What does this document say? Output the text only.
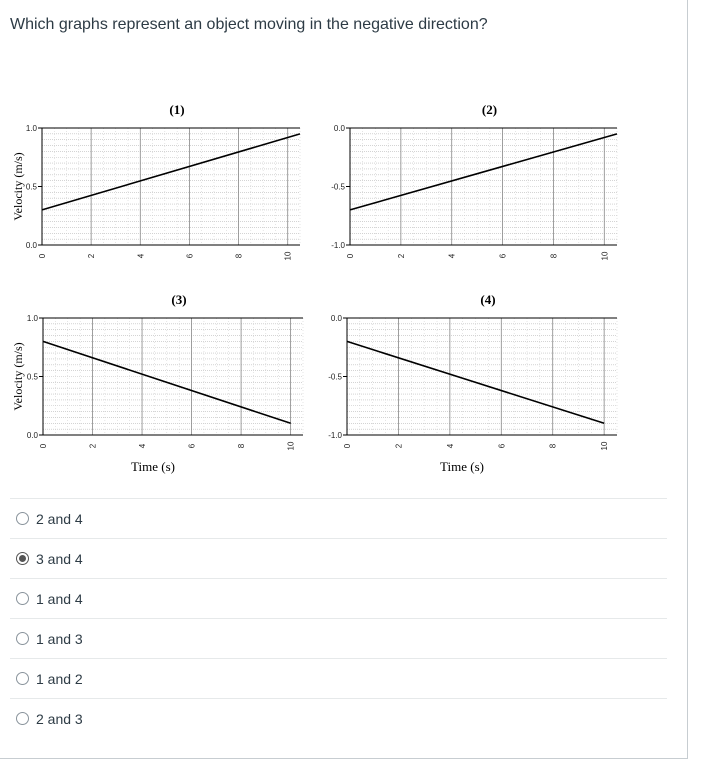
Which graphs represent an object moving in the negative direction?
0.0
0.5
1.0
0	2	4	6	8	10
(1)
Velocity (m/s)
-1.0
-0.5
0.0
0	2	4	6	8	10
(2)
0.0
0.5
1.0
0	2	4	6	8	10
(3)
Velocity (m/s)
Time (s)
-1.0
-0.5
0.0
0	2	4	6	8	10
(4)
Time (s)
2 and 4
3 and 4
1 and 4
1 and 3
1 and 2
2 and 3
